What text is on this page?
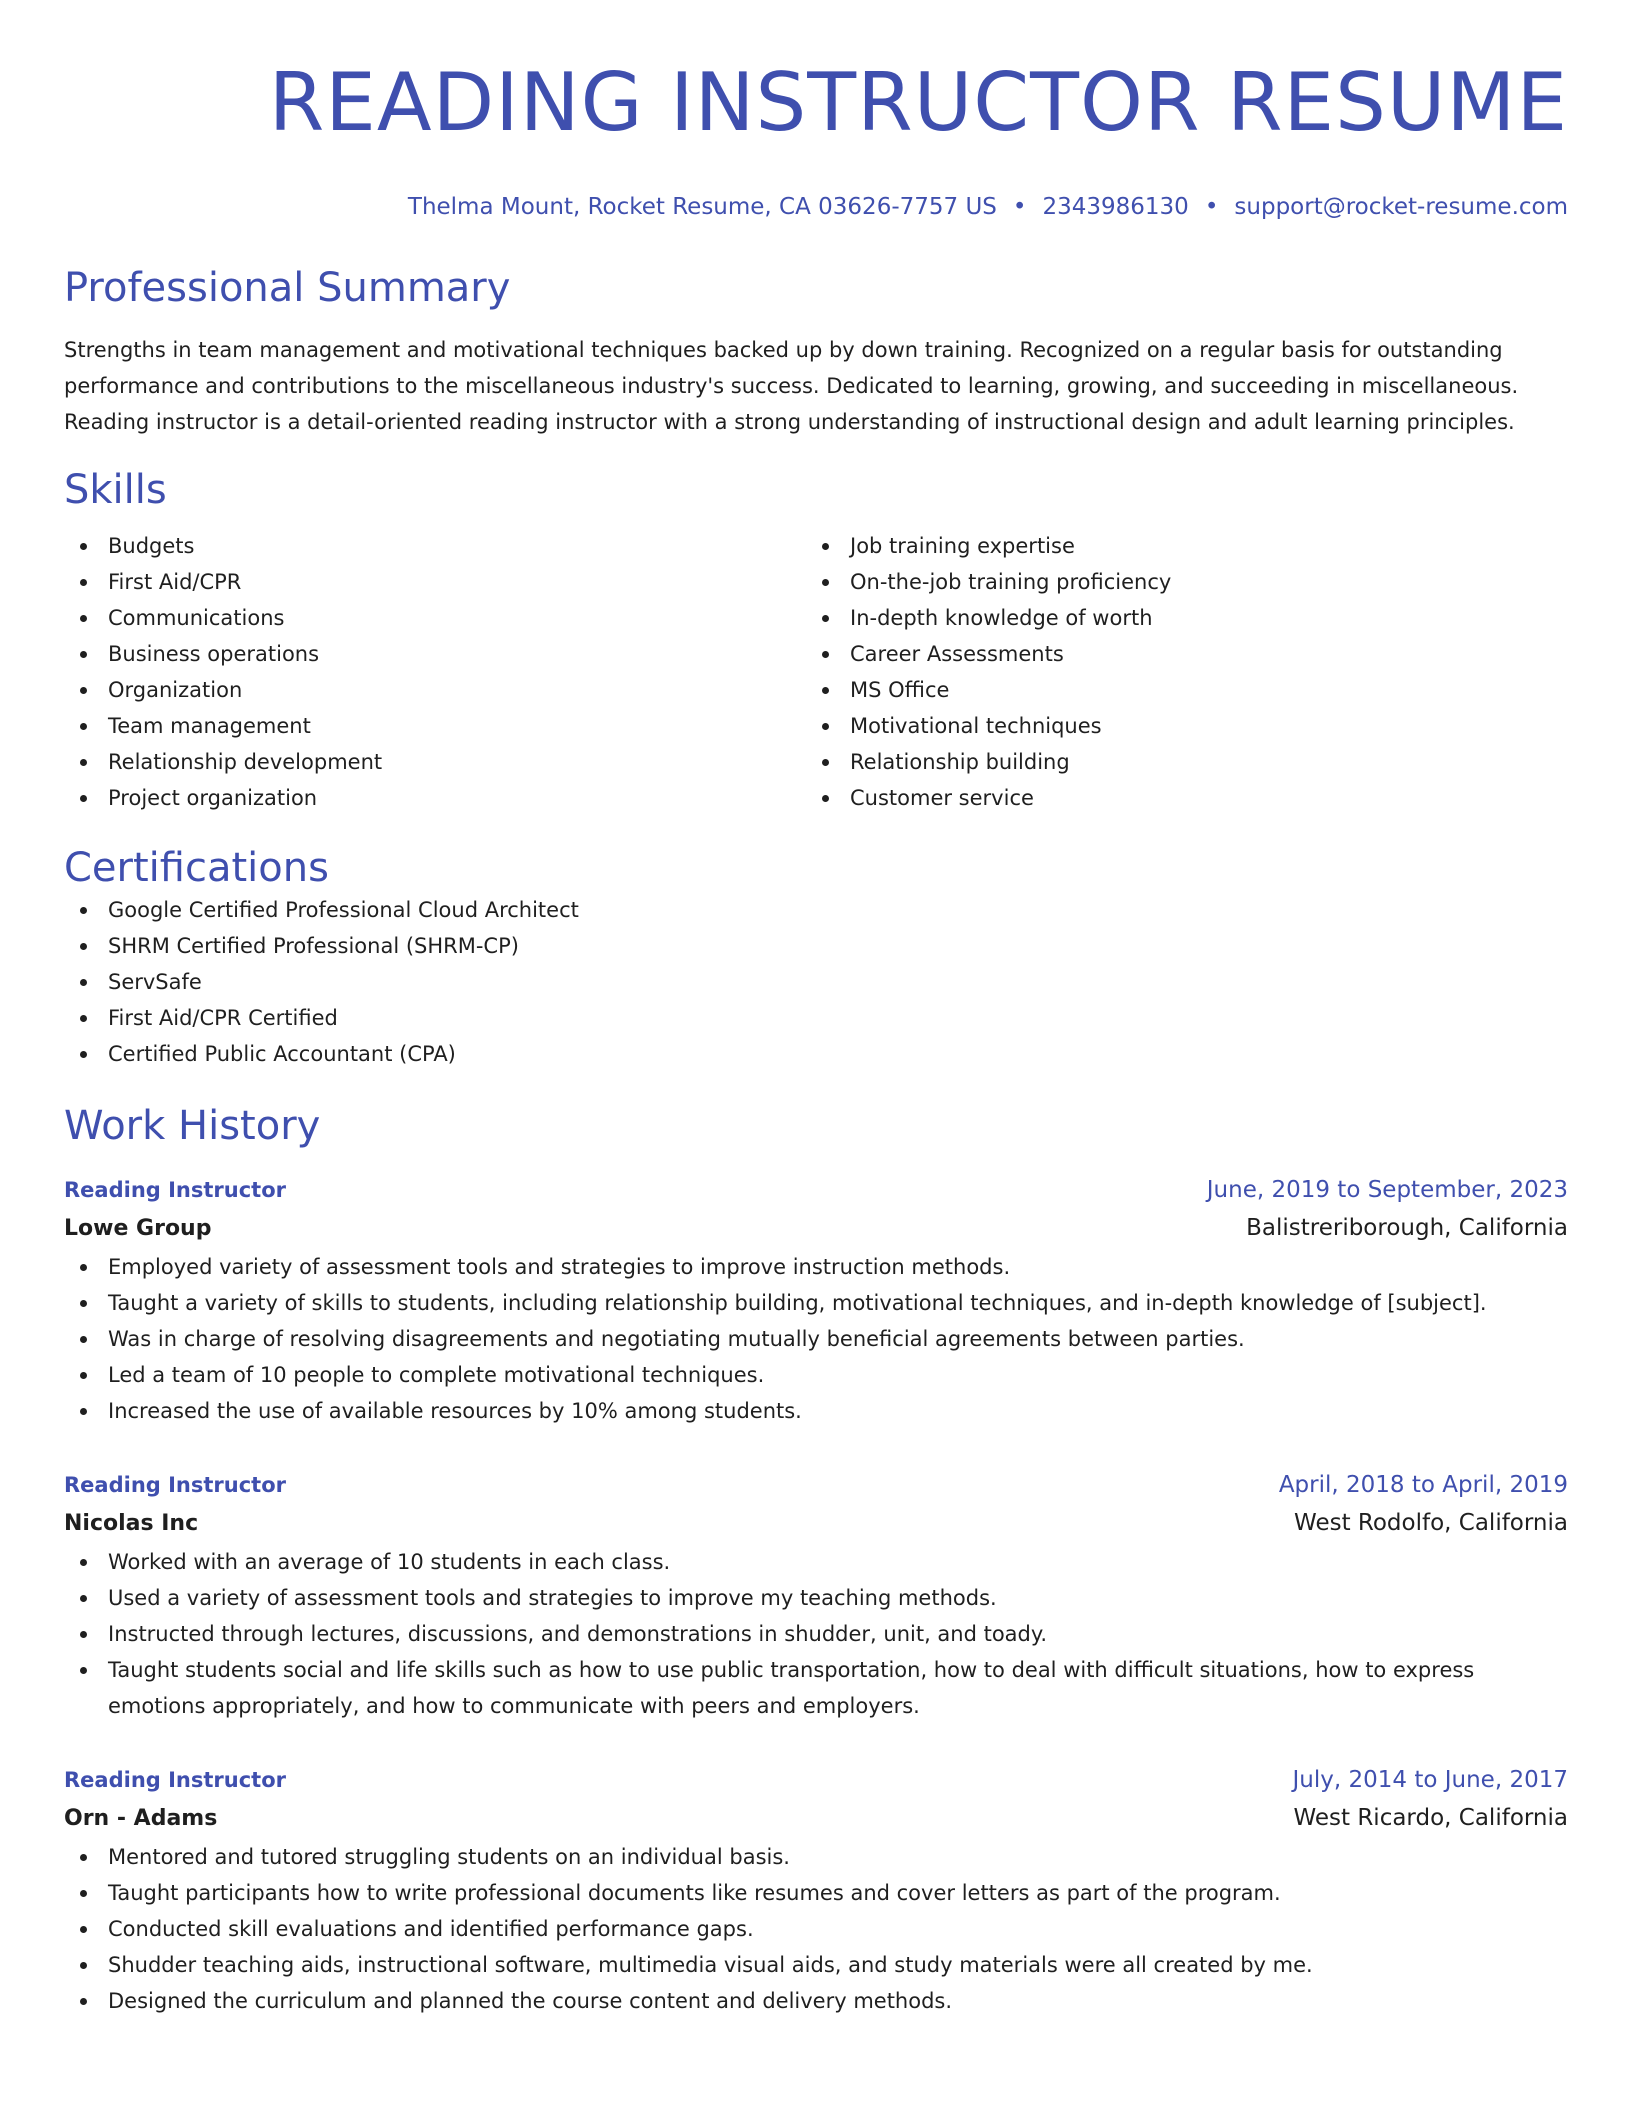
READING INSTRUCTOR RESUME
Thelma Mount, Rocket Resume, CA 03626-7757 US • 2343986130 • support@rocket-resume.com
Professional Summary
Strengths in team management and motivational techniques backed up by down training. Recognized on a regular basis for outstanding performance and contributions to the miscellaneous industry's success. Dedicated to learning, growing, and succeeding in miscellaneous. Reading instructor is a detail-oriented reading instructor with a strong understanding of instructional design and adult learning principles.
Skills
Budgets
First Aid/CPR
Communications
Business operations
Organization
Team management
Relationship development
Project organization
Job training expertise
On-the-job training proficiency
In-depth knowledge of worth
Career Assessments
MS Office
Motivational techniques
Relationship building
Customer service
Certifications
Google Certified Professional Cloud Architect
SHRM Certified Professional (SHRM-CP)
ServSafe
First Aid/CPR Certified
Certified Public Accountant (CPA)
Work History
Reading Instructor	June, 2019 to September, 2023
Lowe Group	Balistreriborough, California
Employed variety of assessment tools and strategies to improve instruction methods.
Taught a variety of skills to students, including relationship building, motivational techniques, and in-depth knowledge of [subject].
Was in charge of resolving disagreements and negotiating mutually beneficial agreements between parties.
Led a team of 10 people to complete motivational techniques.
Increased the use of available resources by 10% among students.
Reading Instructor	April, 2018 to April, 2019
Nicolas Inc	West Rodolfo, California
Worked with an average of 10 students in each class.
Used a variety of assessment tools and strategies to improve my teaching methods.
Instructed through lectures, discussions, and demonstrations in shudder, unit, and toady.
Taught students social and life skills such as how to use public transportation, how to deal with difficult situations, how to express emotions appropriately, and how to communicate with peers and employers.
Reading Instructor	July, 2014 to June, 2017
Orn - Adams	West Ricardo, California
Mentored and tutored struggling students on an individual basis.
Taught participants how to write professional documents like resumes and cover letters as part of the program.
Conducted skill evaluations and identified performance gaps.
Shudder teaching aids, instructional software, multimedia visual aids, and study materials were all created by me.
Designed the curriculum and planned the course content and delivery methods.
